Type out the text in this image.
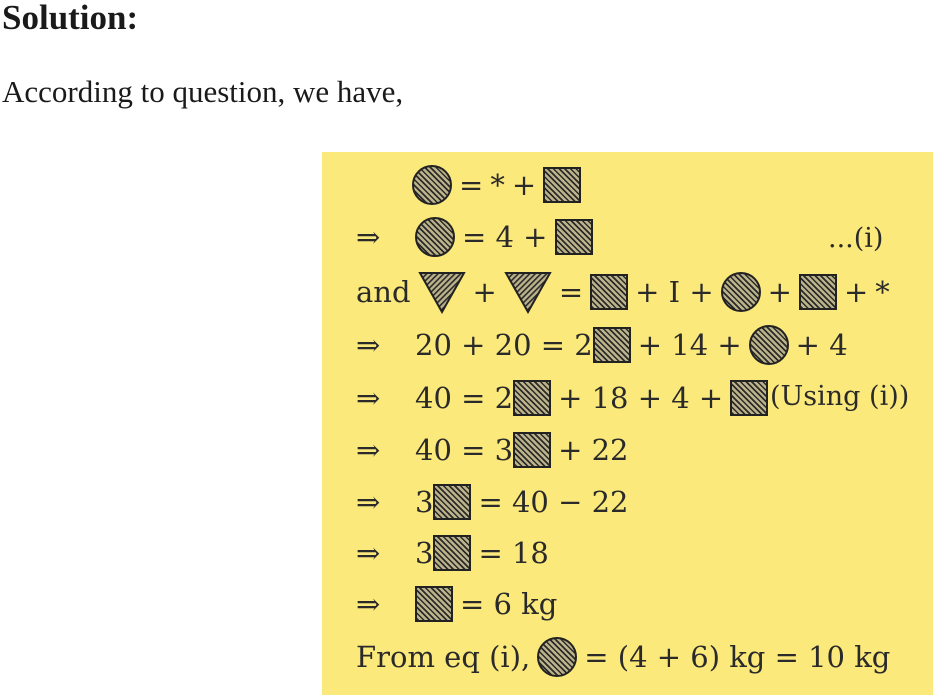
Solution:

According to question, we have,

= * +
⇒	= 4 +	...(i)
and + = + I + + + *
⇒	20 + 20 = 2 + 14 + + 4
⇒	40 = 2 + 18 + 4 + (Using (i))
⇒	40 = 3 + 22
⇒	3 = 40 − 22
⇒	3 = 18
⇒	= 6 kg
From eq (i), = (4 + 6) kg = 10 kg
